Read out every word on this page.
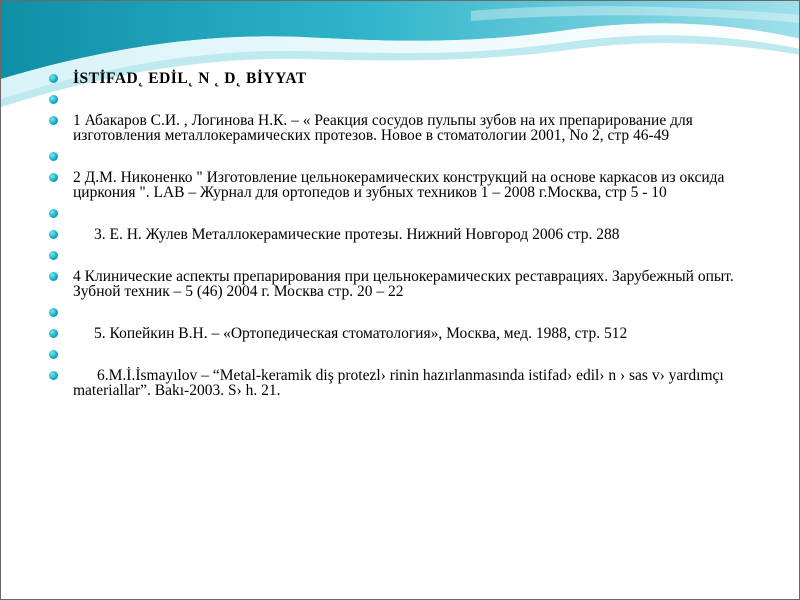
İSTİFAD˛ EDİL˛ N ˛ D˛ BİYYAT

1 Абакаров С.И. , Логинова Н.К. – « Реакция сосудов пульпы зубов на их препарирование для изготовления металлокерамических протезов. Новое в стоматологии 2001, No 2, стр 46-49

2 Д.М. Никоненко " Изготовление цельнокерамических конструкций на основе каркасов из оксида циркония ". LAB – Журнал для ортопедов и зубных техников 1 – 2008 г.Москва, стр 5 - 10

3. Е. Н. Жулев Металлокерамические протезы. Нижний Новгород 2006 стр. 288

4 Клинические аспекты препарирования при цельнокерамических реставрациях. Зарубежный опыт. Зубной техник – 5 (46) 2004 г. Москва стр. 20 – 22

5. Копейкин В.Н. – «Ортопедическая стоматология», Москва, мед. 1988, стр. 512

6.M.İ.İsmayılov – “Metal-keramik diş protezl› rinin hazırlanmasında istifad› edil› n › sas v› yardımçı materiallar”. Bakı-2003. S› h. 21.
